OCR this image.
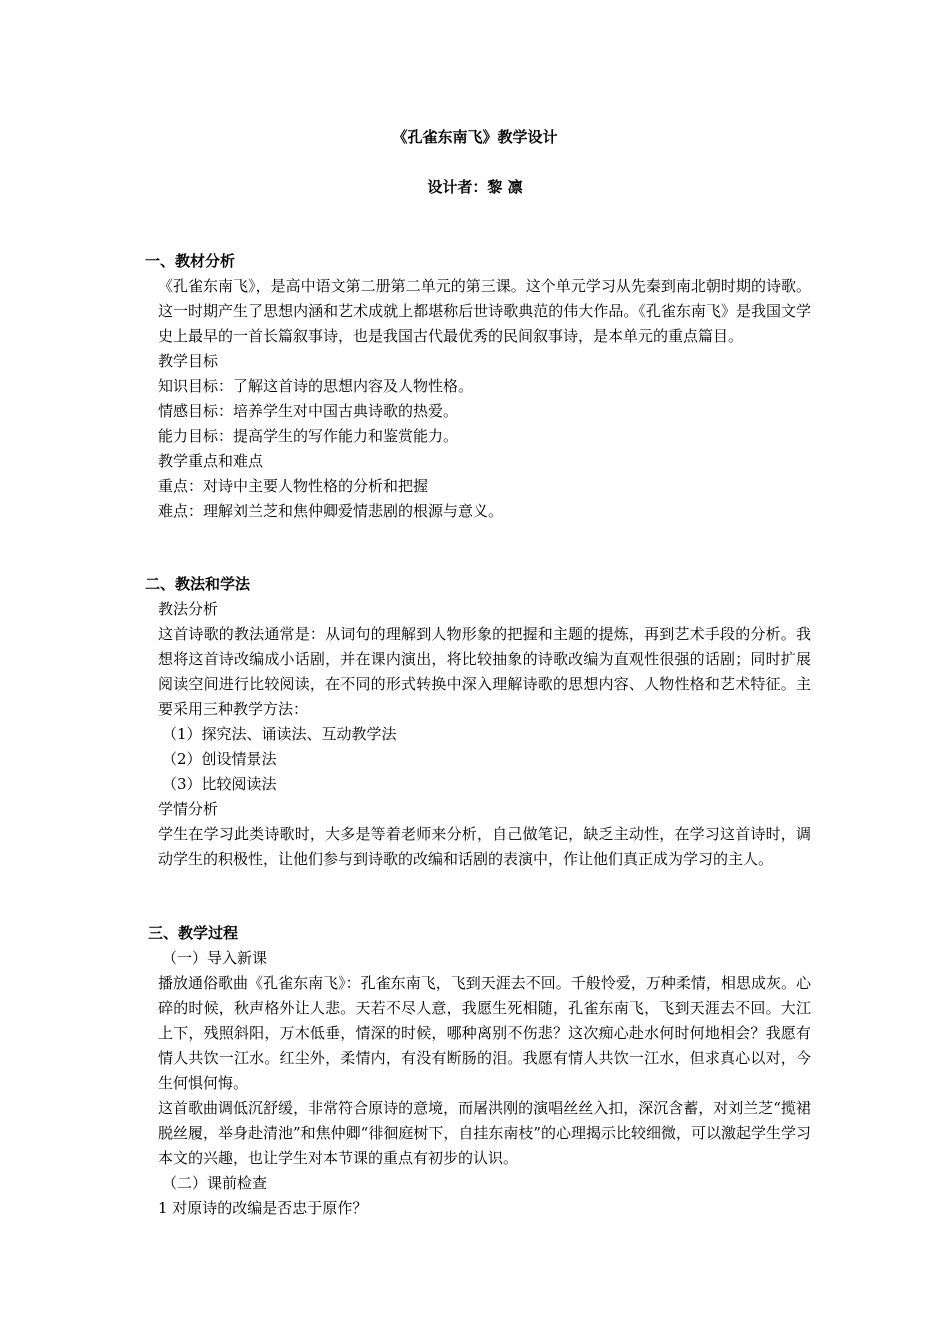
《孔雀东南飞》教学设计
设计者：黎 凛
一、教材分析
《孔雀东南飞》，是高中语文第二册第二单元的第三课。这个单元学习从先秦到南北朝时期的诗歌。这一时期产生了思想内涵和艺术成就上都堪称后世诗歌典范的伟大作品。《孔雀东南飞》是我国文学史上最早的一首长篇叙事诗，也是我国古代最优秀的民间叙事诗，是本单元的重点篇目。
教学目标
知识目标：了解这首诗的思想内容及人物性格。
情感目标：培养学生对中国古典诗歌的热爱。
能力目标：提高学生的写作能力和鉴赏能力。
教学重点和难点
重点：对诗中主要人物性格的分析和把握
难点：理解刘兰芝和焦仲卿爱情悲剧的根源与意义。
二、教法和学法
教法分析
这首诗歌的教法通常是：从词句的理解到人物形象的把握和主题的提炼，再到艺术手段的分析。我想将这首诗改编成小话剧，并在课内演出，将比较抽象的诗歌改编为直观性很强的话剧；同时扩展阅读空间进行比较阅读，在不同的形式转换中深入理解诗歌的思想内容、人物性格和艺术特征。主要采用三种教学方法：
（1）探究法、诵读法、互动教学法
（2）创设情景法
（3）比较阅读法
学情分析
学生在学习此类诗歌时，大多是等着老师来分析，自己做笔记，缺乏主动性，在学习这首诗时，调动学生的积极性，让他们参与到诗歌的改编和话剧的表演中，作让他们真正成为学习的主人。
三、教学过程
（一）导入新课
播放通俗歌曲《孔雀东南飞》：孔雀东南飞，飞到天涯去不回。千般怜爱，万种柔情，相思成灰。心碎的时候，秋声格外让人悲。天若不尽人意，我愿生死相随，孔雀东南飞，飞到天涯去不回。大江上下，残照斜阳，万木低垂，情深的时候，哪种离别不伤悲？这次痴心赴水何时何地相会？我愿有情人共饮一江水。红尘外，柔情内，有没有断肠的泪。我愿有情人共饮一江水，但求真心以对，今生何惧何悔。
这首歌曲调低沉舒缓，非常符合原诗的意境，而屠洪刚的演唱丝丝入扣，深沉含蓄，对刘兰芝“揽裙脱丝履，举身赴清池”和焦仲卿“徘徊庭树下，自挂东南枝”的心理揭示比较细微，可以激起学生学习本文的兴趣，也让学生对本节课的重点有初步的认识。
（二）课前检查
1 对原诗的改编是否忠于原作？
